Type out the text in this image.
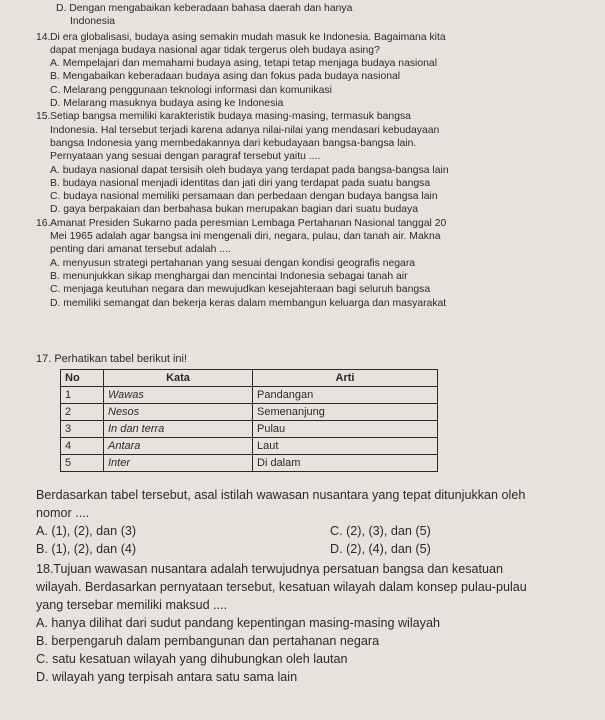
D. Dengan mengabaikan keberadaan bahasa daerah dan hanya
Indonesia
14.Di era globalisasi, budaya asing semakin mudah masuk ke Indonesia. Bagaimana kita
dapat menjaga budaya nasional agar tidak tergerus oleh budaya asing?
A. Mempelajari dan memahami budaya asing, tetapi tetap menjaga budaya nasional
B. Mengabaikan keberadaan budaya asing dan fokus pada budaya nasional
C. Melarang penggunaan teknologi informasi dan komunikasi
D. Melarang masuknya budaya asing ke Indonesia
15.Setiap bangsa memiliki karakteristik budaya masing-masing, termasuk bangsa
Indonesia. Hal tersebut terjadi karena adanya nilai-nilai yang mendasari kebudayaan
bangsa Indonesia yang membedakannya dari kebudayaan bangsa-bangsa lain.
Pernyataan yang sesuai dengan paragraf tersebut yaitu ....
A. budaya nasional dapat tersisih oleh budaya yang terdapat pada bangsa-bangsa lain
B. budaya nasional menjadi identitas dan jati diri yang terdapat pada suatu bangsa
C. budaya nasional memiliki persamaan dan perbedaan dengan budaya bangsa lain
D. gaya berpakaian dan berbahasa bukan merupakan bagian dari suatu budaya
16.Amanat Presiden Sukarno pada peresmian Lembaga Pertahanan Nasional tanggal 20
Mei 1965 adalah agar bangsa ini mengenali diri, negara, pulau, dan tanah air. Makna
penting dari amanat tersebut adalah ....
A. menyusun strategi pertahanan yang sesuai dengan kondisi geografis negara
B. menunjukkan sikap menghargai dan mencintai Indonesia sebagai tanah air
C. menjaga keutuhan negara dan mewujudkan kesejahteraan bagi seluruh bangsa
D. memiliki semangat dan bekerja keras dalam membangun keluarga dan masyarakat
17. Perhatikan tabel berikut ini!
No	Kata	Arti
1	Wawas	Pandangan
2	Nesos	Semenanjung
3	In dan terra	Pulau
4	Antara	Laut
5	Inter	Di dalam
Berdasarkan tabel tersebut, asal istilah wawasan nusantara yang tepat ditunjukkan oleh
nomor ....
A. (1), (2), dan (3)	C. (2), (3), dan (5)
B. (1), (2), dan (4)	D. (2), (4), dan (5)
18. Tujuan wawasan nusantara adalah terwujudnya persatuan bangsa dan kesatuan
wilayah. Berdasarkan pernyataan tersebut, kesatuan wilayah dalam konsep pulau-pulau
yang tersebar memiliki maksud ....
A. hanya dilihat dari sudut pandang kepentingan masing-masing wilayah
B. berpengaruh dalam pembangunan dan pertahanan negara
C. satu kesatuan wilayah yang dihubungkan oleh lautan
D. wilayah yang terpisah antara satu sama lain
